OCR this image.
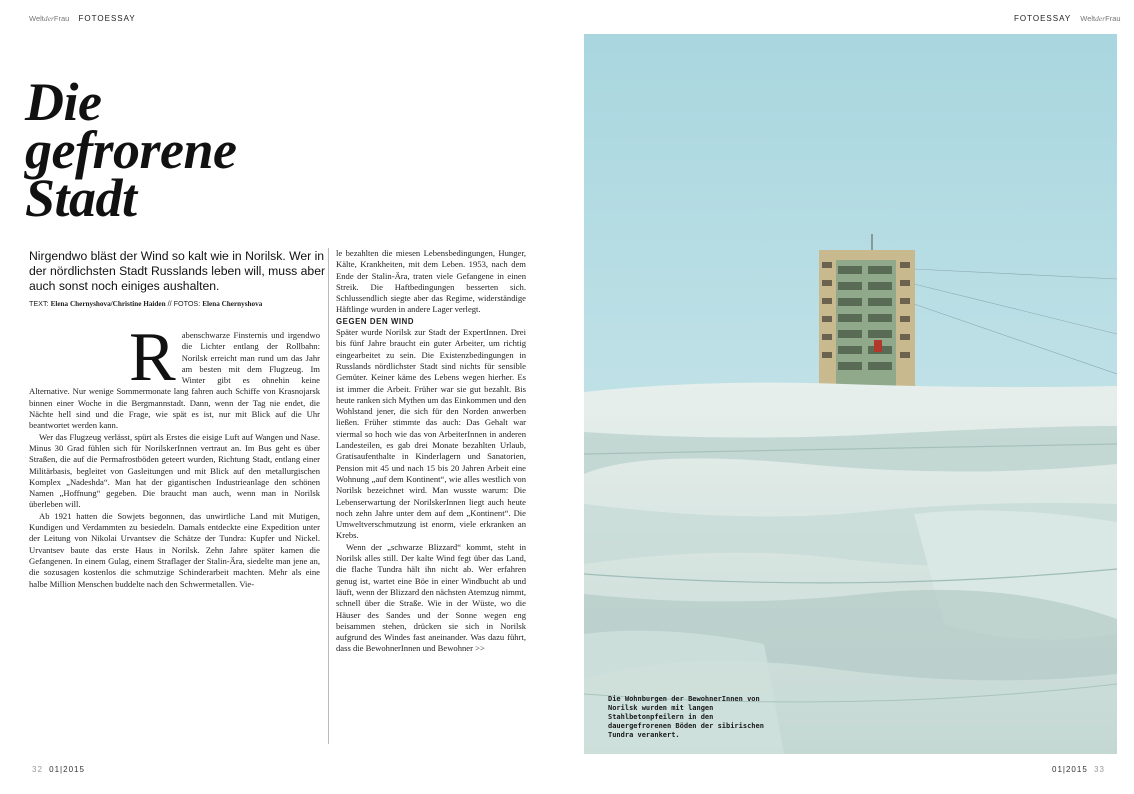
WeltderFrau FOTOESSAY	FOTOESSAY WeltderFrau
Die
gefrorene
Stadt

Nirgendwo bläst der Wind so kalt wie in Norilsk. Wer in der nördlichsten Stadt Russlands leben will, muss aber auch sonst noch einiges aushalten.

TEXT: Elena Chernyshova/Christine Haiden // FOTOS: Elena Chernyshova
R abenschwarze Finsternis und irgendwo die Lichter entlang der Rollbahn: Norilsk erreicht man rund um das Jahr am besten mit dem Flugzeug. Im Winter gibt es ohnehin keine Alternative. Nur wenige Sommermonate lang fahren auch Schiffe von Krasnojarsk binnen einer Woche in die Bergmannstadt. Dann, wenn der Tag nie endet, die Nächte hell sind und die Frage, wie spät es ist, nur mit Blick auf die Uhr beantwortet werden kann.

Wer das Flugzeug verlässt, spürt als Erstes die eisige Luft auf Wangen und Nase. Minus 30 Grad fühlen sich für NorilskerInnen vertraut an. Im Bus geht es über Straßen, die auf die Permafrostböden geteert wurden, Richtung Stadt, entlang einer Militärbasis, begleitet von Gasleitungen und mit Blick auf den metallurgischen Komplex „Nadeshda“. Man hat der gigantischen Industrieanlage den schönen Namen „Hoffnung“ gegeben. Die braucht man auch, wenn man in Norilsk überleben will.

Ab 1921 hatten die Sowjets begonnen, das unwirtliche Land mit Mutigen, Kundigen und Verdammten zu besiedeln. Damals entdeckte eine Expedition unter der Leitung von Nikolai Urvantsev die Schätze der Tundra: Kupfer und Nickel. Urvantsev baute das erste Haus in Norilsk. Zehn Jahre später kamen die Gefangenen. In einem Gulag, einem Straflager der Stalin-Ära, siedelte man jene an, die sozusagen kostenlos die schmutzige Schinderarbeit machten. Mehr als eine halbe Million Menschen buddelte nach den Schwermetallen. Vie-

le bezahlten die miesen Lebensbedingungen, Hunger, Kälte, Krankheiten, mit dem Leben. 1953, nach dem Ende der Stalin-Ära, traten viele Gefangene in einen Streik. Die Haftbedingungen besserten sich. Schlussendlich siegte aber das Regime, widerständige Häftlinge wurden in andere Lager verlegt.

GEGEN DEN WIND

Später wurde Norilsk zur Stadt der ExpertInnen. Drei bis fünf Jahre braucht ein guter Arbeiter, um richtig eingearbeitet zu sein. Die Existenzbedingungen in Russlands nördlichster Stadt sind nichts für sensible Gemüter. Keiner käme des Lebens wegen hierher. Es ist immer die Arbeit. Früher war sie gut bezahlt. Bis heute ranken sich Mythen um das Einkommen und den Wohlstand jener, die sich für den Norden anwerben ließen. Früher stimmte das auch: Das Gehalt war viermal so hoch wie das von ArbeiterInnen in anderen Landesteilen, es gab drei Monate bezahlten Urlaub, Gratisaufenthalte in Kinderlagern und Sanatorien, Pension mit 45 und nach 15 bis 20 Jahren Arbeit eine Wohnung „auf dem Kontinent“, wie alles westlich von Norilsk bezeichnet wird. Man wusste warum: Die Lebenserwartung der NorilskerInnen liegt auch heute noch zehn Jahre unter dem auf dem „Kontinent“. Die Umweltverschmutzung ist enorm, viele erkranken an Krebs.

Wenn der „schwarze Blizzard“ kommt, steht in Norilsk alles still. Der kalte Wind fegt über das Land, die flache Tundra hält ihn nicht ab. Wer erfahren genug ist, wartet eine Böe in einer Windbucht ab und läuft, wenn der Blizzard den nächsten Atemzug nimmt, schnell über die Straße. Wie in der Wüste, wo die Häuser des Sandes und der Sonne wegen eng beisammen stehen, drücken sie sich in Norilsk aufgrund des Windes fast aneinander. Was dazu führt, dass die BewohnerInnen und Bewohner >>

Die Wohnburgen der BewohnerInnen von Norilsk wurden mit langen Stahlbetonpfeilern in den dauergefrorenen Böden der sibirischen Tundra verankert.
32 01|2015	01|2015 33
